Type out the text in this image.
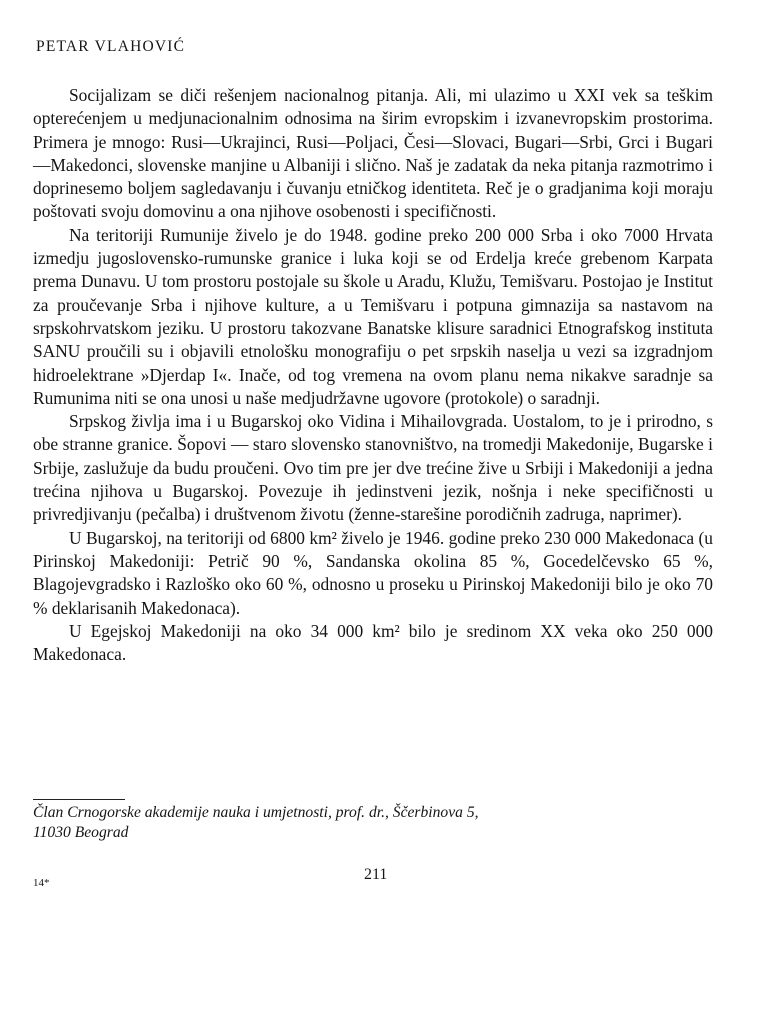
PETAR VLAHOVIĆ

Socijalizam se diči rešenjem nacionalnog pitanja. Ali, mi ulazimo u XXI vek sa teškim opterećenjem u medjunacionalnim odnosima na širim evropskim i izvanevropskim prostorima. Primera je mnogo: Rusi—Ukrajinci, Rusi—Poljaci, Česi—Slovaci, Bugari—Srbi, Grci i Bugari—Makedonci, slovenske manjine u Albaniji i slično. Naš je zadatak da neka pitanja razmotrimo i doprinesemo boljem sagledavanju i čuvanju etničkog identiteta. Reč je o gradjanima koji moraju poštovati svoju domovinu a ona njihove osobenosti i specifičnosti.

Na teritoriji Rumunije živelo je do 1948. godine preko 200 000 Srba i oko 7000 Hrvata izmedju jugoslovensko-rumunske granice i luka koji se od Erdelja kreće grebenom Karpata prema Dunavu. U tom prostoru postojale su škole u Aradu, Klužu, Temišvaru. Postojao je Institut za proučevanje Srba i njihove kulture, a u Temišvaru i potpuna gimnazija sa nastavom na srpskohrvatskom jeziku. U prostoru takozvane Banatske klisure saradnici Etnografskog instituta SANU proučili su i objavili etnološku monografiju o pet srpskih naselja u vezi sa izgradnjom hidroelektrane »Djerdap I«. Inače, od tog vremena na ovom planu nema nikakve saradnje sa Rumunima niti se ona unosi u naše medjudržavne ugovore (protokole) o saradnji.

Srpskog življa ima i u Bugarskoj oko Vidina i Mihailovgrada. Uostalom, to je i prirodno, s obe stranne granice. Šopovi — staro slovensko stanovništvo, na tromedji Makedonije, Bugarske i Srbije, zaslužuje da budu proučeni. Ovo tim pre jer dve trećine žive u Srbiji i Makedoniji a jedna trećina njihova u Bugarskoj. Povezuje ih jedinstveni jezik, nošnja i neke specifičnosti u privredjivanju (pečalba) i društvenom životu (ženne-starešine porodičnih zadruga, naprimer).

U Bugarskoj, na teritoriji od 6800 km² živelo je 1946. godine preko 230 000 Makedonaca (u Pirinskoj Makedoniji: Petrič 90 %, Sandanska okolina 85 %, Gocedelčevsko 65 %, Blagojevgradsko i Razloško oko 60 %, odnosno u proseku u Pirinskoj Makedoniji bilo je oko 70 % deklarisanih Makedonaca).

U Egejskoj Makedoniji na oko 34 000 km² bilo je sredinom XX veka oko 250 000 Makedonaca.

Član Crnogorske akademije nauka i umjetnosti, prof. dr., Ščerbinova 5,
11030 Beograd
14*	211
